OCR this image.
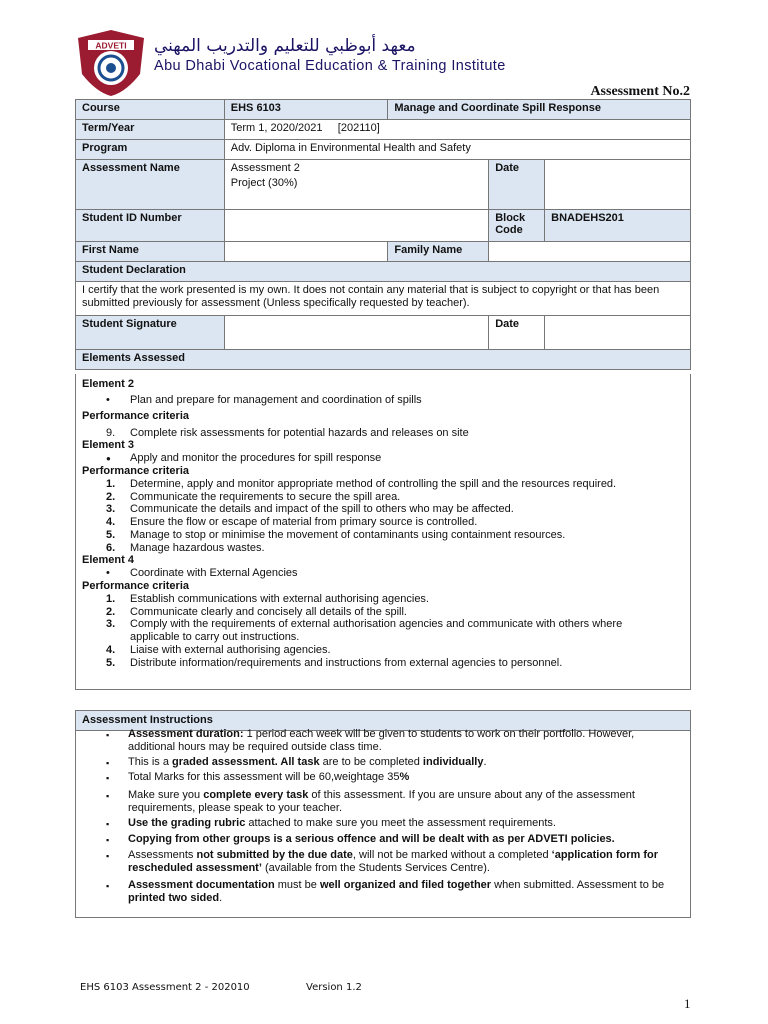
ADVETI معهد أبوظبي للتعليم والتدريب المهني
Abu Dhabi Vocational Education & Training Institute
Assessment No.2
Course	EHS 6103	Manage and Coordinate Spill Response		
Term/Year	Term 1, 2020/2021 [202110]			
Program	Adv. Diploma in Environmental Health and Safety			
Assessment Name	Assessment 2
Project (30%)		Date	
Student ID Number			Block Code	BNADEHS201
First Name		Family Name		
Student Declaration				
I certify that the work presented is my own. It does not contain any material that is subject to copyright or that has been submitted previously for assessment (Unless specifically requested by teacher).				
Student Signature			Date	
Elements Assessed				
Element 2
• Plan and prepare for management and coordination of spills
Performance criteria
9. Complete risk assessments for potential hazards and releases on site
Element 3
● Apply and monitor the procedures for spill response
Performance criteria
1. Determine, apply and monitor appropriate method of controlling the spill and the resources required.
2. Communicate the requirements to secure the spill area.
3. Communicate the details and impact of the spill to others who may be affected.
4. Ensure the flow or escape of material from primary source is controlled.
5. Manage to stop or minimise the movement of contaminants using containment resources.
6. Manage hazardous wastes.
Element 4
• Coordinate with External Agencies
Performance criteria
1. Establish communications with external authorising agencies.
2. Communicate clearly and concisely all details of the spill.
3. Comply with the requirements of external authorisation agencies and communicate with others where
applicable to carry out instructions.
4. Liaise with external authorising agencies.
5. Distribute information/requirements and instructions from external agencies to personnel.
Assessment Instructions
▪ Assessment duration: 1 period each week will be given to students to work on their portfolio. However, additional hours may be required outside class time.
▪ This is a graded assessment. All task are to be completed individually.
▪ Total Marks for this assessment will be 60,weightage 35%
▪ Make sure you complete every task of this assessment. If you are unsure about any of the assessment requirements, please speak to your teacher.
▪ Use the grading rubric attached to make sure you meet the assessment requirements.
▪ Copying from other groups is a serious offence and will be dealt with as per ADVETI policies.
▪ Assessments not submitted by the due date, will not be marked without a completed ‘application form for rescheduled assessment’ (available from the Students Services Centre).
▪ Assessment documentation must be well organized and filed together when submitted. Assessment to be printed two sided.
EHS 6103 Assessment 2 - 202010	Version 1.2
1
